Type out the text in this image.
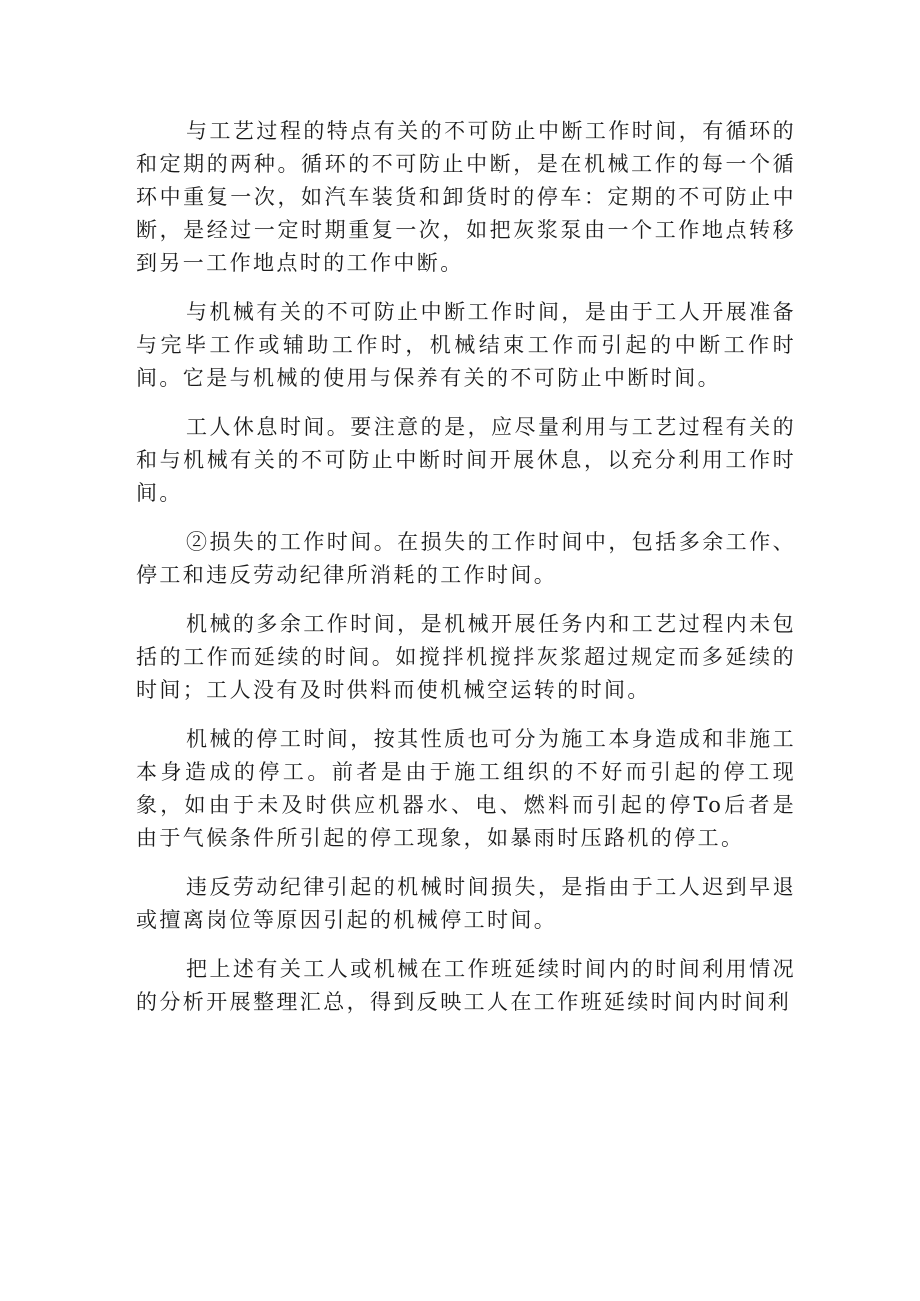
与工艺过程的特点有关的不可防止中断工作时间，有循环的和定期的两种。循环的不可防止中断，是在机械工作的每一个循环中重复一次，如汽车装货和卸货时的停车：定期的不可防止中断，是经过一定时期重复一次，如把灰浆泵由一个工作地点转移到另一工作地点时的工作中断。

与机械有关的不可防止中断工作时间，是由于工人开展准备与完毕工作或辅助工作时，机械结束工作而引起的中断工作时间。它是与机械的使用与保养有关的不可防止中断时间。

工人休息时间。要注意的是，应尽量利用与工艺过程有关的和与机械有关的不可防止中断时间开展休息，以充分利用工作时间。

②损失的工作时间。在损失的工作时间中，包括多余工作、停工和违反劳动纪律所消耗的工作时间。

机械的多余工作时间，是机械开展任务内和工艺过程内未包括的工作而延续的时间。如搅拌机搅拌灰浆超过规定而多延续的时间；工人没有及时供料而使机械空运转的时间。

机械的停工时间，按其性质也可分为施工本身造成和非施工本身造成的停工。前者是由于施工组织的不好而引起的停工现象，如由于未及时供应机器水、电、燃料而引起的停To后者是由于气候条件所引起的停工现象，如暴雨时压路机的停工。

违反劳动纪律引起的机械时间损失，是指由于工人迟到早退或擅离岗位等原因引起的机械停工时间。

把上述有关工人或机械在工作班延续时间内的时间利用情况的分析开展整理汇总，得到反映工人在工作班延续时间内时间利
